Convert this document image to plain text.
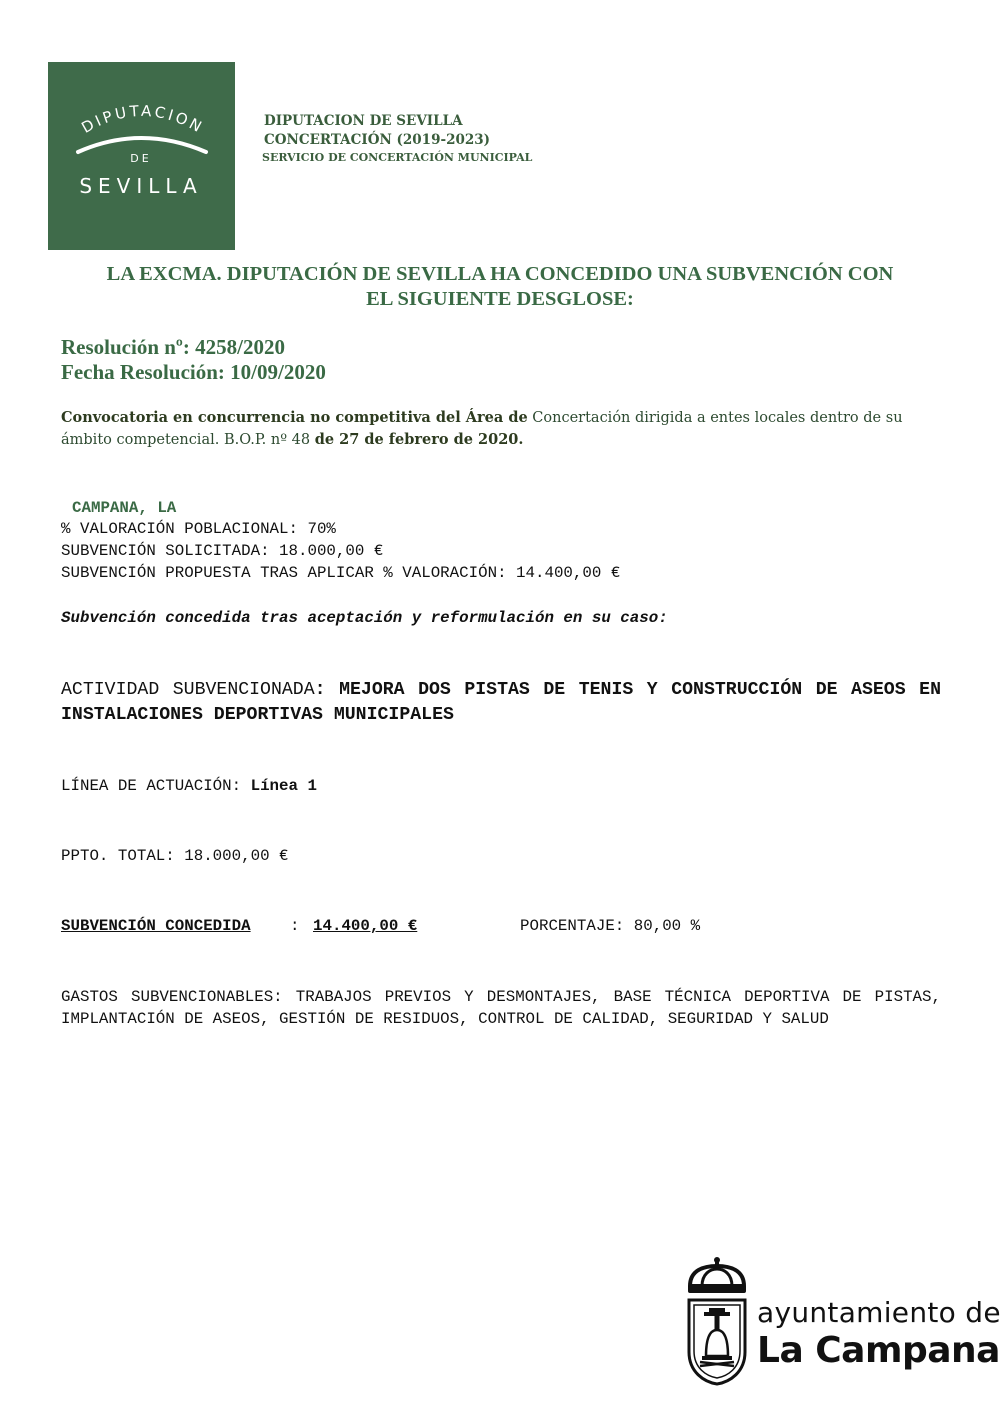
DIPUTACION
DE
SEVILLA
DIPUTACION DE SEVILLA
CONCERTACIÓN (2019-2023)
SERVICIO DE CONCERTACIÓN MUNICIPAL
LA EXCMA. DIPUTACIÓN DE SEVILLA HA CONCEDIDO UNA SUBVENCIÓN CON
EL SIGUIENTE DESGLOSE:
Resolución nº: 4258/2020
Fecha Resolución: 10/09/2020
Convocatoria en concurrencia no competitiva del Área de Concertación dirigida a entes locales dentro de su ámbito competencial. B.O.P. nº 48 de 27 de febrero de 2020.
CAMPANA, LA
% VALORACIÓN POBLACIONAL: 70%
SUBVENCIÓN SOLICITADA: 18.000,00 €
SUBVENCIÓN PROPUESTA TRAS APLICAR % VALORACIÓN: 14.400,00 €
Subvención concedida tras aceptación y reformulación en su caso:
ACTIVIDAD SUBVENCIONADA: MEJORA DOS PISTAS DE TENIS Y CONSTRUCCIÓN DE ASEOS EN INSTALACIONES DEPORTIVAS MUNICIPALES
LÍNEA DE ACTUACIÓN: Línea 1
PPTO. TOTAL: 18.000,00 €
SUBVENCIÓN CONCEDIDA : 14.400,00 €	PORCENTAJE: 80,00 %
GASTOS SUBVENCIONABLES: TRABAJOS PREVIOS Y DESMONTAJES, BASE TÉCNICA DEPORTIVA DE PISTAS, IMPLANTACIÓN DE ASEOS, GESTIÓN DE RESIDUOS, CONTROL DE CALIDAD, SEGURIDAD Y SALUD
ayuntamiento de
La Campana
